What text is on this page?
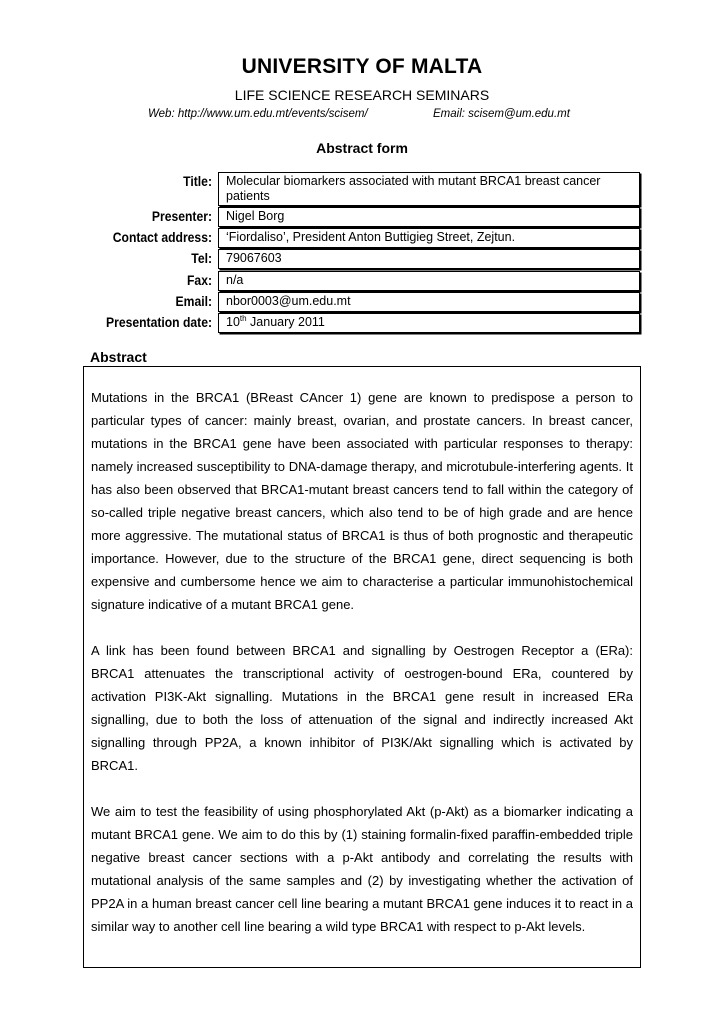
UNIVERSITY OF MALTA
LIFE SCIENCE RESEARCH SEMINARS
Web: http://www.um.edu.mt/events/scisem/	Email: scisem@um.edu.mt
Abstract form
Title:	Molecular biomarkers associated with mutant BRCA1 breast cancer patients
Presenter:	Nigel Borg
Contact address:	‘Fiordaliso’, President Anton Buttigieg Street, Zejtun.
Tel:	79067603
Fax:	n/a
Email:	nbor0003@um.edu.mt
Presentation date:	10th January 2011
Abstract

Mutations in the BRCA1 (BReast CAncer 1) gene are known to predispose a person to particular types of cancer: mainly breast, ovarian, and prostate cancers. In breast cancer, mutations in the BRCA1 gene have been associated with particular responses to therapy: namely increased susceptibility to DNA-damage therapy, and microtubule-interfering agents. It has also been observed that BRCA1-mutant breast cancers tend to fall within the category of so-called triple negative breast cancers, which also tend to be of high grade and are hence more aggressive. The mutational status of BRCA1 is thus of both prognostic and therapeutic importance. However, due to the structure of the BRCA1 gene, direct sequencing is both expensive and cumbersome hence we aim to characterise a particular immunohistochemical signature indicative of a mutant BRCA1 gene.

A link has been found between BRCA1 and signalling by Oestrogen Receptor a (ERa): BRCA1 attenuates the transcriptional activity of oestrogen-bound ERa, countered by activation PI3K-Akt signalling. Mutations in the BRCA1 gene result in increased ERa signalling, due to both the loss of attenuation of the signal and indirectly increased Akt signalling through PP2A, a known inhibitor of PI3K/Akt signalling which is activated by BRCA1.

We aim to test the feasibility of using phosphorylated Akt (p-Akt) as a biomarker indicating a mutant BRCA1 gene. We aim to do this by (1) staining formalin-fixed paraffin-embedded triple negative breast cancer sections with a p-Akt antibody and correlating the results with mutational analysis of the same samples and (2) by investigating whether the activation of PP2A in a human breast cancer cell line bearing a mutant BRCA1 gene induces it to react in a similar way to another cell line bearing a wild type BRCA1 with respect to p-Akt levels.
